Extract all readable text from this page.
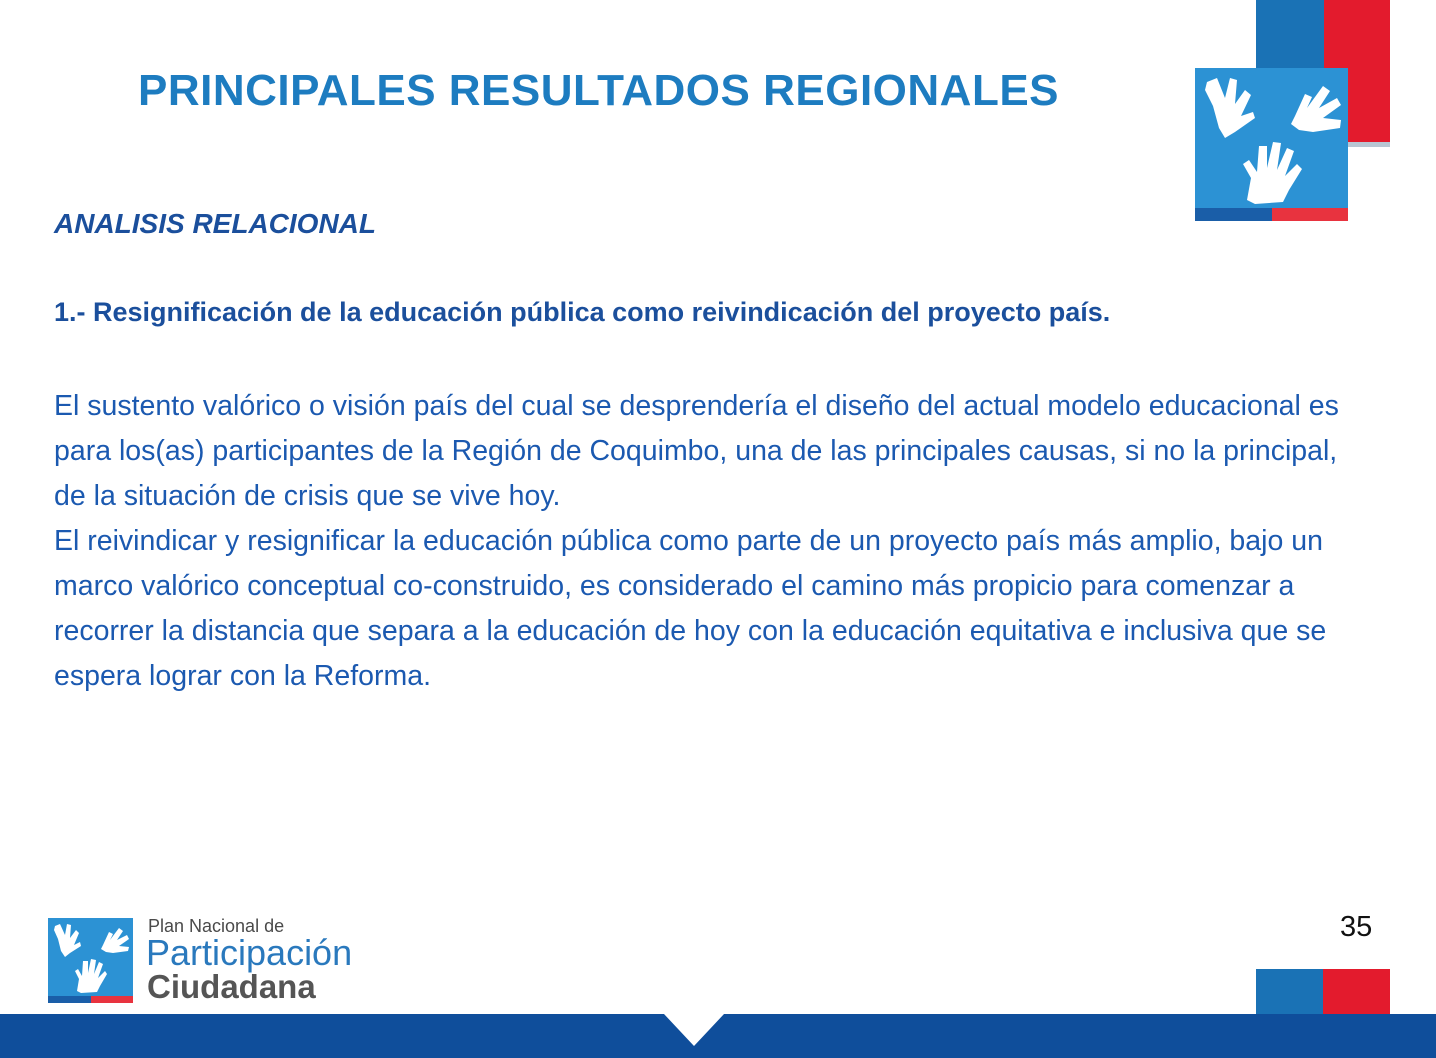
PRINCIPALES RESULTADOS REGIONALES
ANALISIS RELACIONAL
1.- Resignificación de la educación pública como reivindicación del proyecto país.

El sustento valórico o visión país del cual se desprendería el diseño del actual modelo educacional es para los(as) participantes de la Región de Coquimbo, una de las principales causas, si no la principal, de la situación de crisis que se vive hoy.

El reivindicar y resignificar la educación pública como parte de un proyecto país más amplio, bajo un marco valórico conceptual co-construido, es considerado el camino más propicio para comenzar a recorrer la distancia que separa a la educación de hoy con la educación equitativa e inclusiva que se espera lograr con la Reforma.

Plan Nacional de
Participación
Ciudadana
35
